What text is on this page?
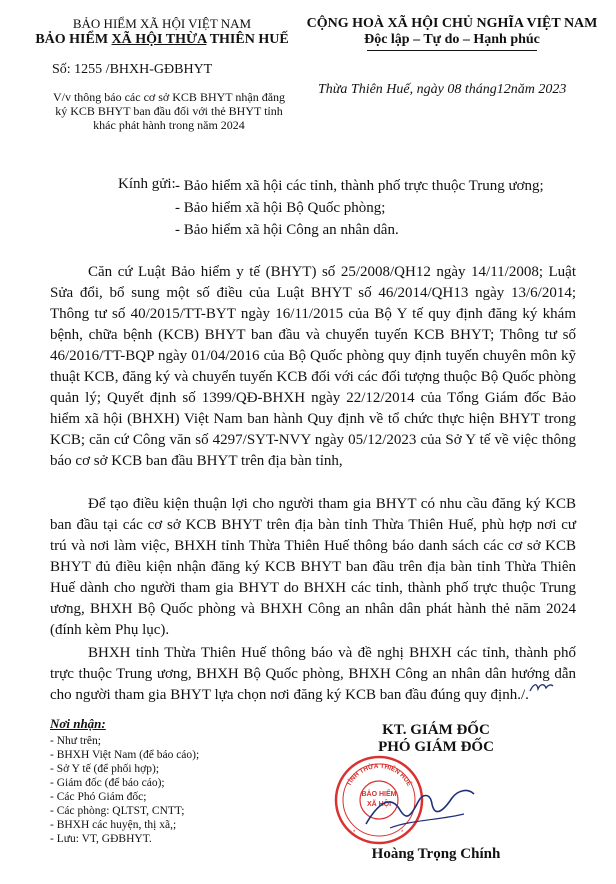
BẢO HIỂM XÃ HỘI VIỆT NAM
BẢO HIỂM XÃ HỘI THỪA THIÊN HUẾ
CỘNG HOÀ XÃ HỘI CHỦ NGHĨA VIỆT NAM
Độc lập – Tự do – Hạnh phúc
Số: 1255 /BHXH-GĐBHYT
Thừa Thiên Huế, ngày 08 tháng12năm 2023
V/v thông báo các cơ sở KCB BHYT nhận đăng
ký KCB BHYT ban đầu đối với thẻ BHYT tỉnh
khác phát hành trong năm 2024
Kính gửi: - Bảo hiểm xã hội các tỉnh, thành phố trực thuộc Trung ương;
- Bảo hiểm xã hội Bộ Quốc phòng;
- Bảo hiểm xã hội Công an nhân dân.
Căn cứ Luật Bảo hiểm y tế (BHYT) số 25/2008/QH12 ngày 14/11/2008; Luật Sửa đổi, bổ sung một số điều của Luật BHYT số 46/2014/QH13 ngày 13/6/2014; Thông tư số 40/2015/TT-BYT ngày 16/11/2015 của Bộ Y tế quy định đăng ký khám bệnh, chữa bệnh (KCB) BHYT ban đầu và chuyển tuyến KCB BHYT; Thông tư số 46/2016/TT-BQP ngày 01/04/2016 của Bộ Quốc phòng quy định tuyến chuyên môn kỹ thuật KCB, đăng ký và chuyển tuyến KCB đối với các đối tượng thuộc Bộ Quốc phòng quản lý; Quyết định số 1399/QĐ-BHXH ngày 22/12/2014 của Tổng Giám đốc Bảo hiểm xã hội (BHXH) Việt Nam ban hành Quy định về tổ chức thực hiện BHYT trong KCB; căn cứ Công văn số 4297/SYT-NVY ngày 05/12/2023 của Sở Y tế về việc thông báo cơ sở KCB ban đầu BHYT trên địa bàn tỉnh,
Để tạo điều kiện thuận lợi cho người tham gia BHYT có nhu cầu đăng ký KCB ban đầu tại các cơ sở KCB BHYT trên địa bàn tỉnh Thừa Thiên Huế, phù hợp nơi cư trú và nơi làm việc, BHXH tỉnh Thừa Thiên Huế thông báo danh sách các cơ sở KCB BHYT đủ điều kiện nhận đăng ký KCB BHYT ban đầu trên địa bàn tỉnh Thừa Thiên Huế dành cho người tham gia BHYT do BHXH các tỉnh, thành phố trực thuộc Trung ương, BHXH Bộ Quốc phòng và BHXH Công an nhân dân phát hành thẻ năm 2024 (đính kèm Phụ lục).
BHXH tỉnh Thừa Thiên Huế thông báo và đề nghị BHXH các tỉnh, thành phố trực thuộc Trung ương, BHXH Bộ Quốc phòng, BHXH Công an nhân dân hướng dẫn cho người tham gia BHYT lựa chọn nơi đăng ký KCB ban đầu đúng quy định./.
Nơi nhận:
- Như trên;
- BHXH Việt Nam (để báo cáo);
- Sở Y tế (để phối hợp);
- Giám đốc (để báo cáo);
- Các Phó Giám đốc;
- Các phòng: QLTST, CNTT;
- BHXH các huyện, thị xã,;
- Lưu: VT, GĐBHYT.
KT. GIÁM ĐỐC
PHÓ GIÁM ĐỐC
TỈNH THỪA THIÊN HUẾ
BẢO HIỂM
XÃ HỘI
*	*
Hoàng Trọng Chính
